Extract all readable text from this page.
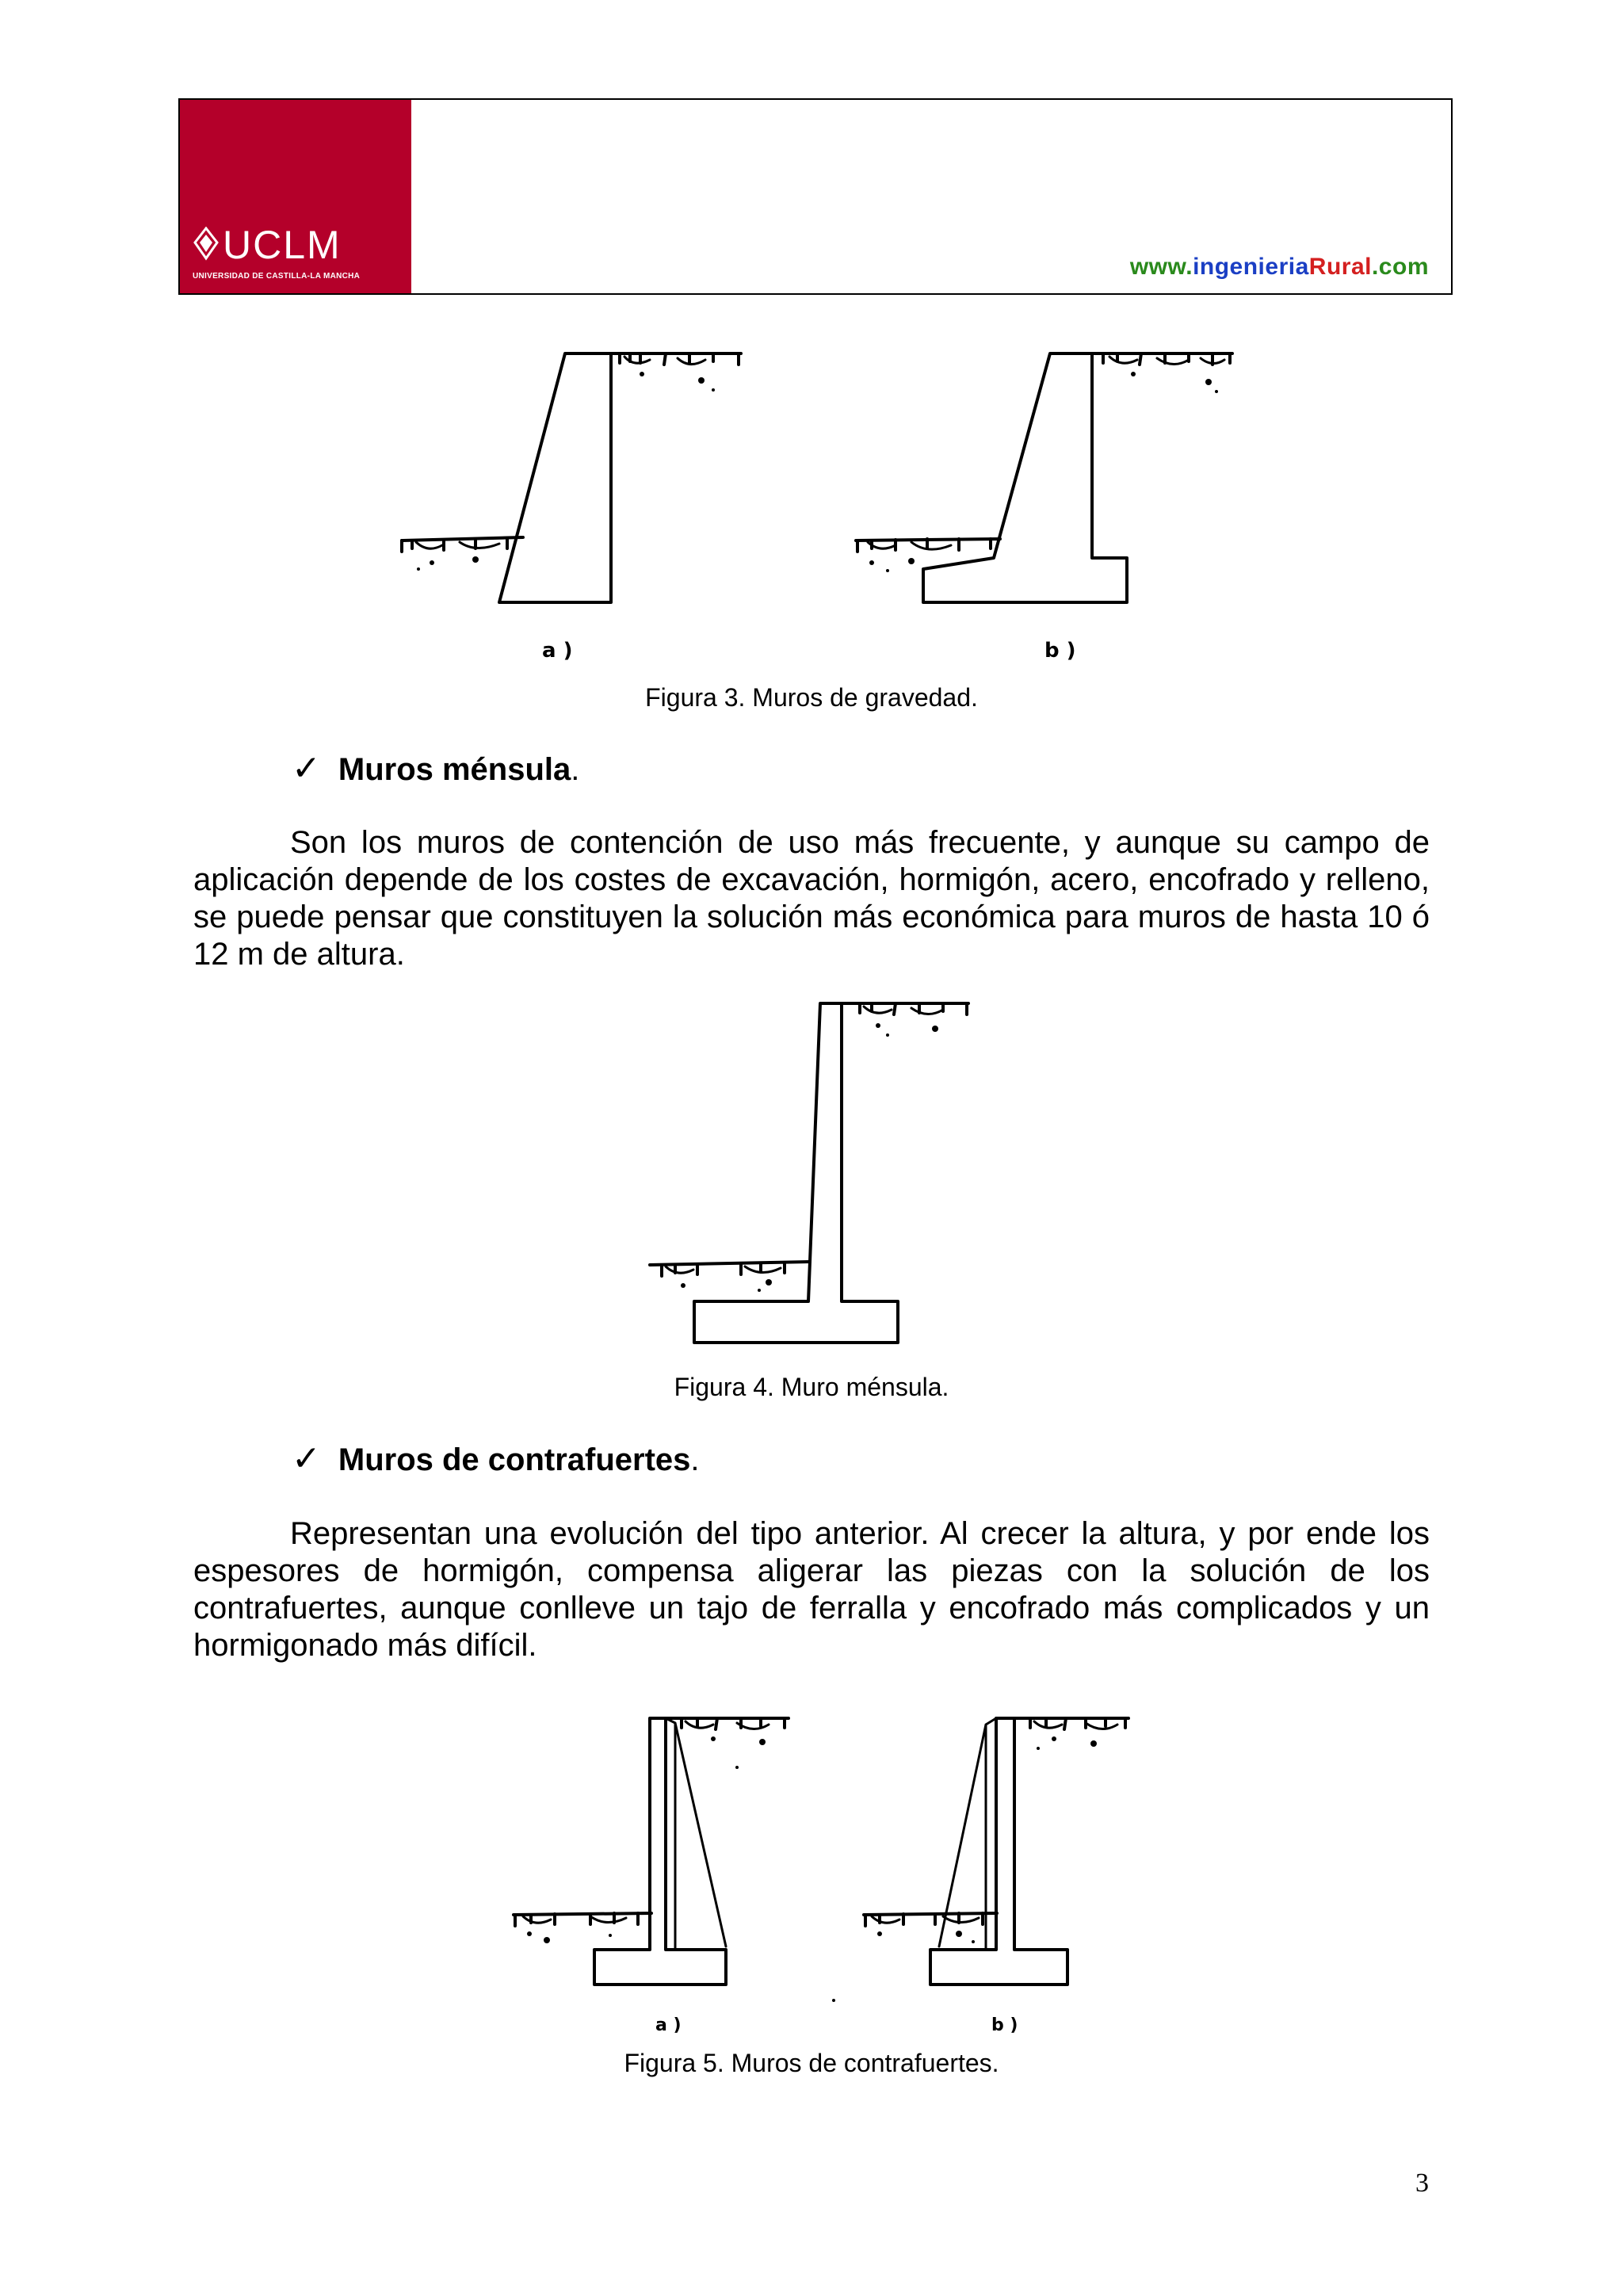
UCLM
UNIVERSIDAD DE CASTILLA-LA MANCHA	www.ingenieriaRural.com
a )	b )
Figura 3. Muros de gravedad.
✓ Muros ménsula .
Son los muros de contención de uso más frecuente, y aunque su campo de aplicación depende de los costes de excavación, hormigón, acero, encofrado y relleno, se puede pensar que constituyen la solución más económica para muros de hasta 10 ó 12 m de altura.
Figura 4. Muro ménsula.
✓ Muros de contrafuertes .
Representan una evolución del tipo anterior. Al crecer la altura, y por ende los espesores de hormigón, compensa aligerar las piezas con la solución de los contrafuertes, aunque conlleve un tajo de ferralla y encofrado más complicados y un hormigonado más difícil.
a )	b )
Figura 5. Muros de contrafuertes.
3
